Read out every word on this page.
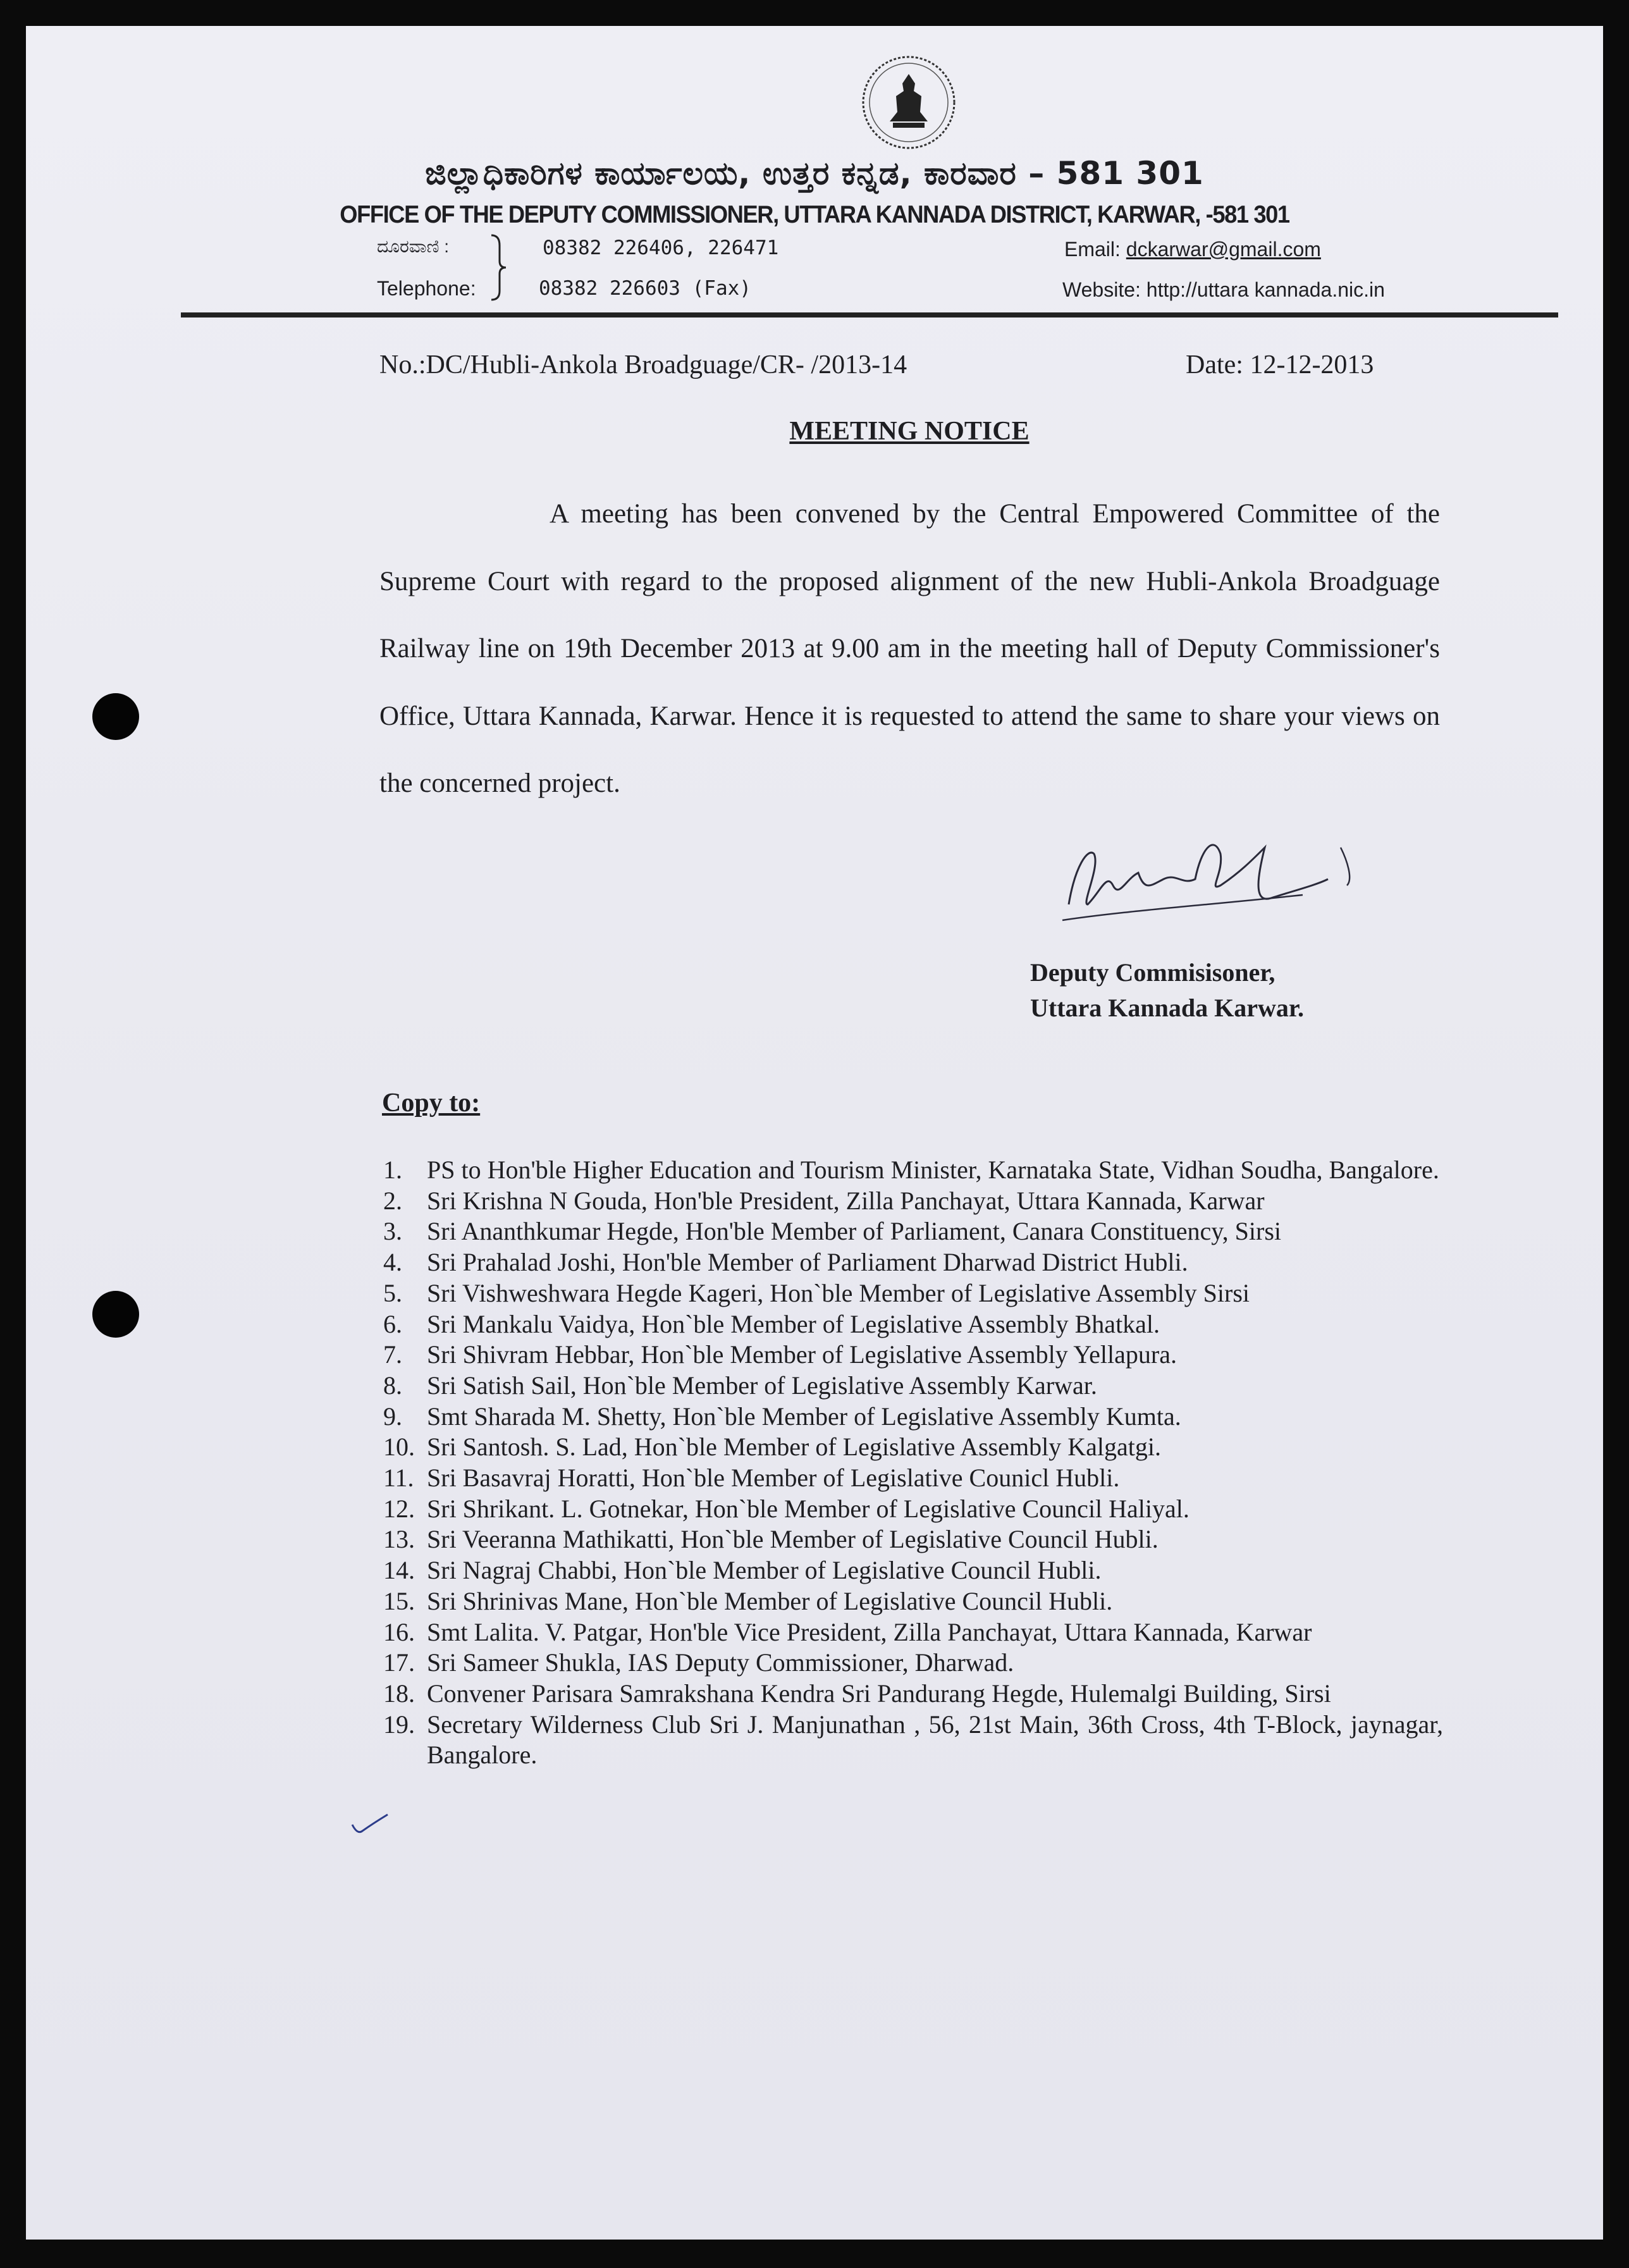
ಜಿಲ್ಲಾಧಿಕಾರಿಗಳ ಕಾರ್ಯಾಲಯ, ಉತ್ತರ ಕನ್ನಡ, ಕಾರವಾರ – 581 301
OFFICE OF THE DEPUTY COMMISSIONER, UTTARA KANNADA DISTRICT, KARWAR, -581 301
ದೂರವಾಣಿ :
Telephone:
08382 226406, 226471
08382 226603 (Fax)
Email: dckarwar@gmail.com
Website: http://uttara kannada.nic.in
No.:DC/Hubli-Ankola Broadguage/CR- /2013-14	Date: 12-12-2013
MEETING NOTICE

A meeting has been convened by the Central Empowered Committee of the Supreme Court with regard to the proposed alignment of the new Hubli-Ankola Broadguage Railway line on 19th December 2013 at 9.00 am in the meeting hall of Deputy Commissioner's Office, Uttara Kannada, Karwar. Hence it is requested to attend the same to share your views on the concerned project.

Deputy Commisisoner,
Uttara Kannada Karwar.
Copy to:
1. PS to Hon'ble Higher Education and Tourism Minister, Karnataka State, Vidhan Soudha, Bangalore.
2. Sri Krishna N Gouda, Hon'ble President, Zilla Panchayat, Uttara Kannada, Karwar
3. Sri Ananthkumar Hegde, Hon'ble Member of Parliament, Canara Constituency, Sirsi
4. Sri Prahalad Joshi, Hon'ble Member of Parliament Dharwad District Hubli.
5. Sri Vishweshwara Hegde Kageri, Hon`ble Member of Legislative Assembly Sirsi
6. Sri Mankalu Vaidya, Hon`ble Member of Legislative Assembly Bhatkal.
7. Sri Shivram Hebbar, Hon`ble Member of Legislative Assembly Yellapura.
8. Sri Satish Sail, Hon`ble Member of Legislative Assembly Karwar.
9. Smt Sharada M. Shetty, Hon`ble Member of Legislative Assembly Kumta.
10. Sri Santosh. S. Lad, Hon`ble Member of Legislative Assembly Kalgatgi.
11. Sri Basavraj Horatti, Hon`ble Member of Legislative Counicl Hubli.
12. Sri Shrikant. L. Gotnekar, Hon`ble Member of Legislative Council Haliyal.
13. Sri Veeranna Mathikatti, Hon`ble Member of Legislative Council Hubli.
14. Sri Nagraj Chabbi, Hon`ble Member of Legislative Council Hubli.
15. Sri Shrinivas Mane, Hon`ble Member of Legislative Council Hubli.
16. Smt Lalita. V. Patgar, Hon'ble Vice President, Zilla Panchayat, Uttara Kannada, Karwar
17. Sri Sameer Shukla, IAS Deputy Commissioner, Dharwad.
18. Convener Parisara Samrakshana Kendra Sri Pandurang Hegde, Hulemalgi Building, Sirsi
19. Secretary Wilderness Club Sri J. Manjunathan , 56, 21st Main, 36th Cross, 4th T-Block, jaynagar, Bangalore.
